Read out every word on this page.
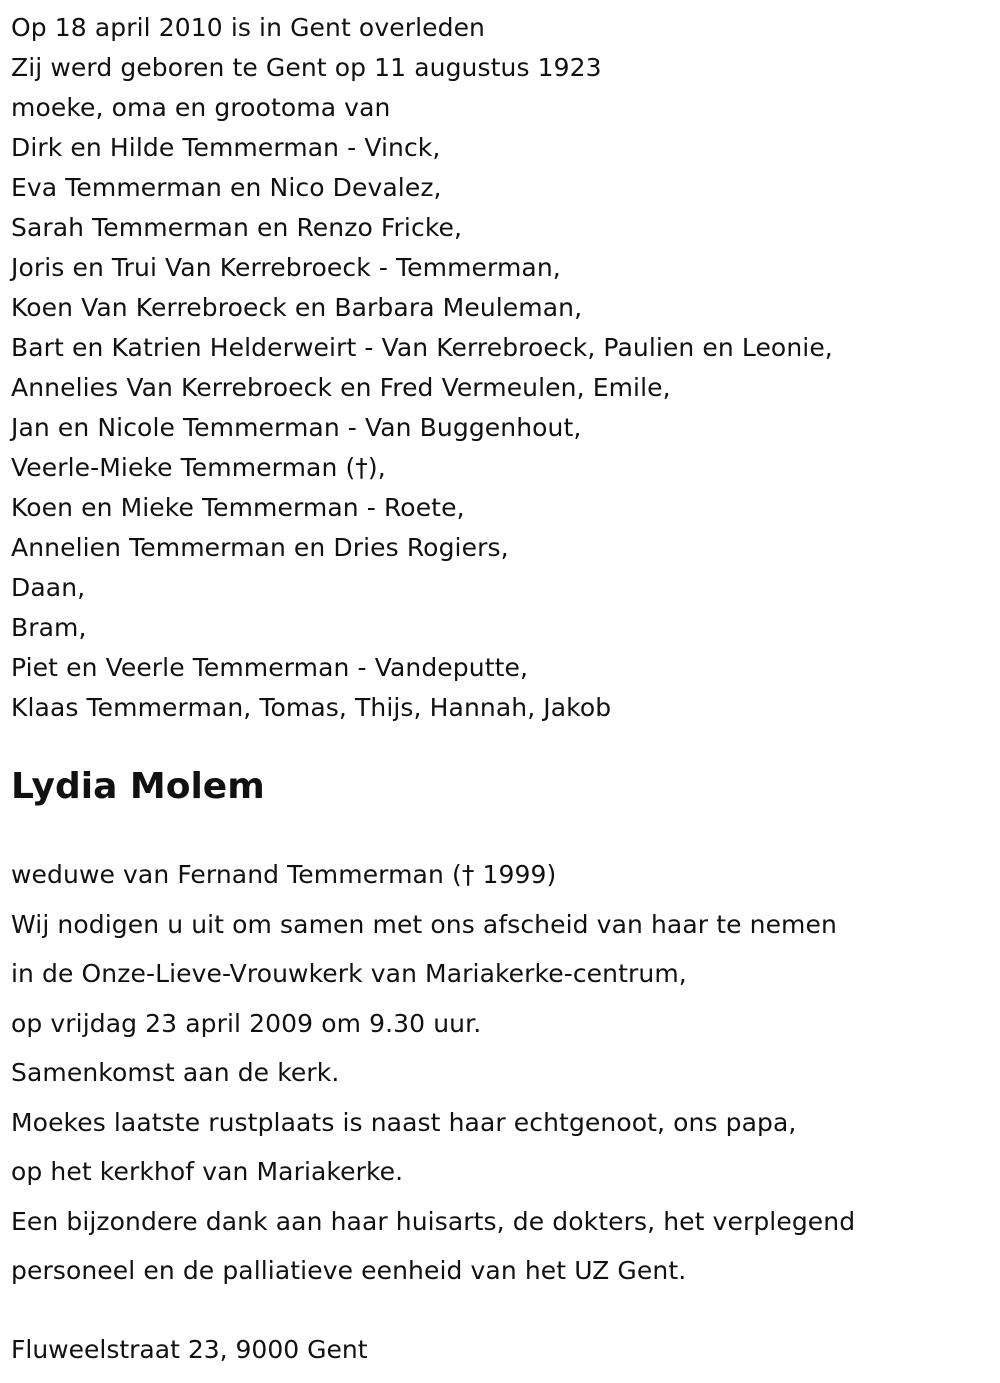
Op 18 april 2010 is in Gent overleden
Zij werd geboren te Gent op 11 augustus 1923
moeke, oma en grootoma van
Dirk en Hilde Temmerman - Vinck,
Eva Temmerman en Nico Devalez,
Sarah Temmerman en Renzo Fricke,
Joris en Trui Van Kerrebroeck - Temmerman,
Koen Van Kerrebroeck en Barbara Meuleman,
Bart en Katrien Helderweirt - Van Kerrebroeck, Paulien en Leonie,
Annelies Van Kerrebroeck en Fred Vermeulen, Emile,
Jan en Nicole Temmerman - Van Buggenhout,
Veerle-Mieke Temmerman (†),
Koen en Mieke Temmerman - Roete,
Annelien Temmerman en Dries Rogiers,
Daan,
Bram,
Piet en Veerle Temmerman - Vandeputte,
Klaas Temmerman, Tomas, Thijs, Hannah, Jakob
Lydia Molem
weduwe van Fernand Temmerman († 1999)
Wij nodigen u uit om samen met ons afscheid van haar te nemen
in de Onze-Lieve-Vrouwkerk van Mariakerke-centrum,
op vrijdag 23 april 2009 om 9.30 uur.
Samenkomst aan de kerk.
Moekes laatste rustplaats is naast haar echtgenoot, ons papa,
op het kerkhof van Mariakerke.
Een bijzondere dank aan haar huisarts, de dokters, het verplegend
personeel en de palliatieve eenheid van het UZ Gent.
Fluweelstraat 23, 9000 Gent
